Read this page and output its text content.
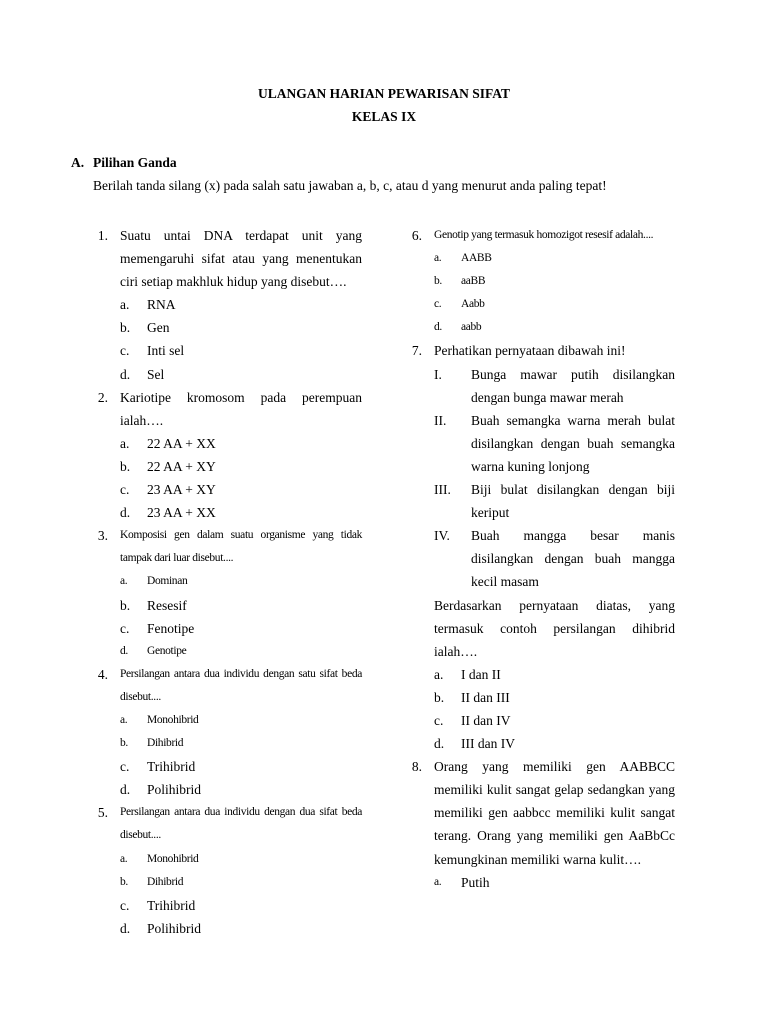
ULANGAN HARIAN PEWARISAN SIFAT
KELAS IX
A. Pilihan Ganda
Berilah tanda silang (x) pada salah satu jawaban a, b, c, atau d yang menurut anda paling tepat!
1. Suatu untai DNA terdapat unit yang memengaruhi sifat atau yang menentukan ciri setiap makhluk hidup yang disebut….
a. RNA
b. Gen
c. Inti sel
d. Sel
2. Kariotipe kromosom pada perempuan ialah….
a. 22 AA + XX
b. 22 AA + XY
c. 23 AA + XY
d. 23 AA + XX
3. Komposisi gen dalam suatu organisme yang tidak tampak dari luar disebut....
a.	Dominan
b. Resesif
c. Fenotipe
d.	Genotipe
4. Persilangan antara dua individu dengan satu sifat beda disebut....
a.	Monohibrid
b.	Dihibrid
c. Trihibrid
d. Polihibrid
5. Persilangan antara dua individu dengan dua sifat beda disebut....
a.	Monohibrid
b.	Dihibrid
c. Trihibrid
d. Polihibrid
6. Genotip yang termasuk homozigot resesif adalah....
a.	AABB
b.	aaBB
c.	Aabb
d.	aabb
7. Perhatikan pernyataan dibawah ini!
I.	Bunga mawar putih disilangkan dengan bunga mawar merah
II.	Buah semangka warna merah bulat disilangkan dengan buah semangka warna kuning lonjong
III.	Biji bulat disilangkan dengan biji keriput
IV.	Buah mangga besar manis disilangkan dengan buah mangga kecil masam
Berdasarkan pernyataan diatas, yang termasuk contoh persilangan dihibrid ialah….
a. I dan II
b. II dan III
c. II dan IV
d. III dan IV
8. Orang yang memiliki gen AABBCC memiliki kulit sangat gelap sedangkan yang memiliki gen aabbcc memiliki kulit sangat terang. Orang yang memiliki gen AaBbCc kemungkinan memiliki warna kulit….
a.	Putih
